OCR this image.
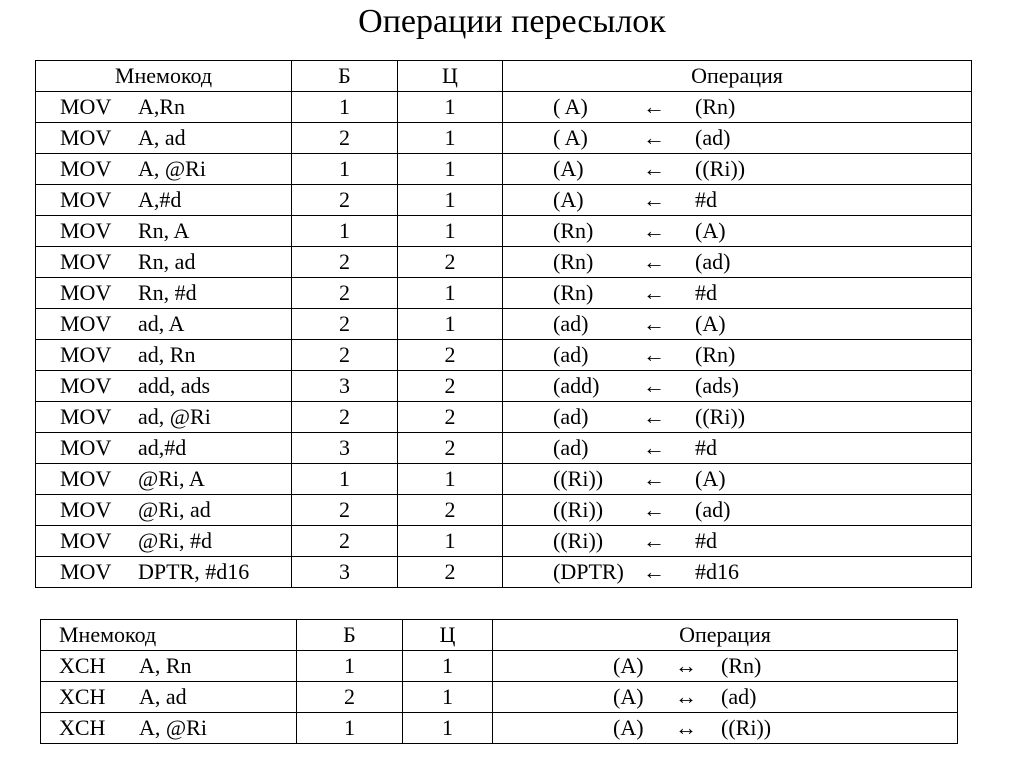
Операции пересылок
Мнемокод	Б	Ц	Операция
MOV A,Rn	1	1	( A) ← (Rn)
MOV A, ad	2	1	( A) ← (ad)
MOV A, @Ri	1	1	(A) ← ((Ri))
MOV A,#d	2	1	(A) ← #d
MOV Rn, A	1	1	(Rn) ← (A)
MOV Rn, ad	2	2	(Rn) ← (ad)
MOV Rn, #d	2	1	(Rn) ← #d
MOV ad, A	2	1	(ad) ← (A)
MOV ad, Rn	2	2	(ad) ← (Rn)
MOV add, ads	3	2	(add) ← (ads)
MOV ad, @Ri	2	2	(ad) ← ((Ri))
MOV ad,#d	3	2	(ad) ← #d
MOV @Ri, A	1	1	((Ri)) ← (A)
MOV @Ri, ad	2	2	((Ri)) ← (ad)
MOV @Ri, #d	2	1	((Ri)) ← #d
MOV DPTR, #d16	3	2	(DPTR) ← #d16
Мнемокод	Б	Ц	Операция
XCH A, Rn	1	1	(A) ↔ (Rn)
XCH A, ad	2	1	(A) ↔ (ad)
XCH A, @Ri	1	1	(A) ↔ ((Ri))
